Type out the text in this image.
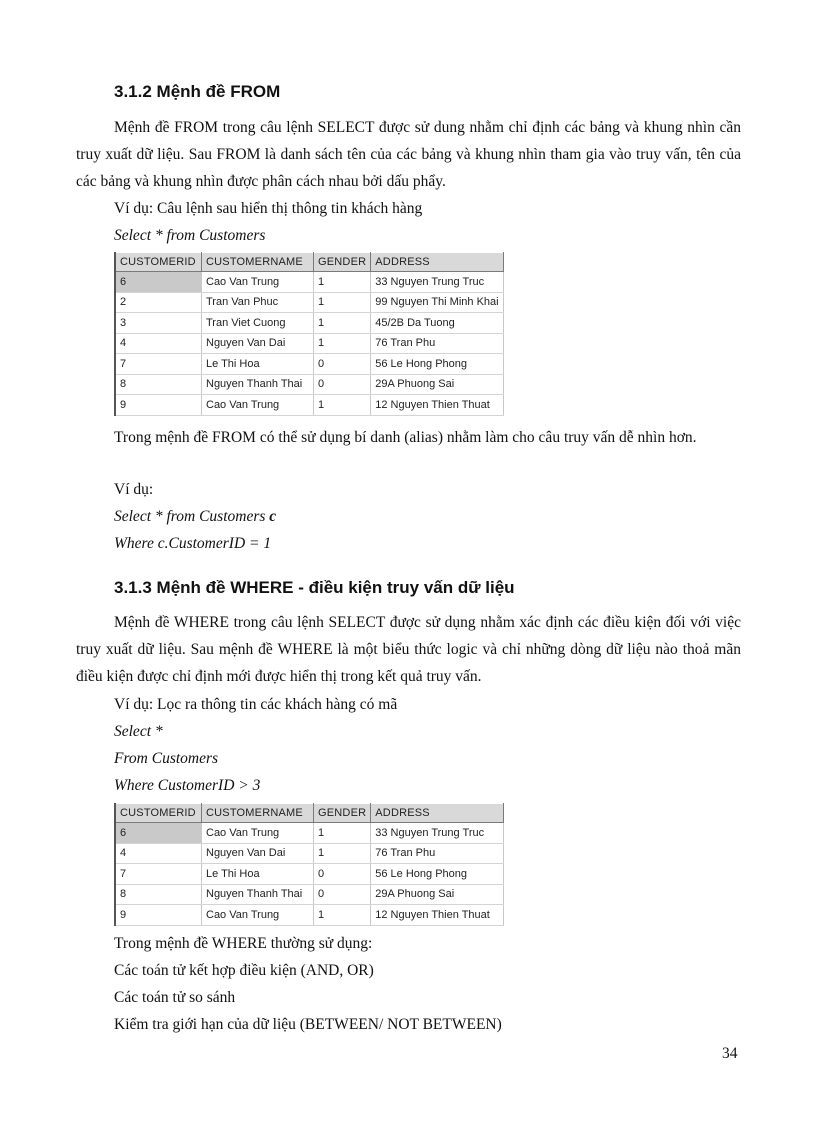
3.1.2 Mệnh đề FROM

Mệnh đề FROM trong câu lệnh SELECT được sử dung nhằm chỉ định các bảng và khung nhìn cần truy xuất dữ liệu. Sau FROM là danh sách tên của các bảng và khung nhìn tham gia vào truy vấn, tên của các bảng và khung nhìn được phân cách nhau bởi dấu phẩy.

Ví dụ: Câu lệnh sau hiển thị thông tin khách hàng

Select * from Customers

CUSTOMERID	CUSTOMERNAME	GENDER	ADDRESS
6	Cao Van Trung	1	33 Nguyen Trung Truc
2	Tran Van Phuc	1	99 Nguyen Thi Minh Khai
3	Tran Viet Cuong	1	45/2B Da Tuong
4	Nguyen Van Dai	1	76 Tran Phu
7	Le Thi Hoa	0	56 Le Hong Phong
8	Nguyen Thanh Thai	0	29A Phuong Sai
9	Cao Van Trung	1	12 Nguyen Thien Thuat

Trong mệnh đề FROM có thể sử dụng bí danh (alias) nhằm làm cho câu truy vấn dễ nhìn hơn.

Ví dụ:

Select * from Customers c

Where c.CustomerID = 1

3.1.3 Mệnh đề WHERE - điều kiện truy vấn dữ liệu

Mệnh đề WHERE trong câu lệnh SELECT được sử dụng nhằm xác định các điều kiện đối với việc truy xuất dữ liệu. Sau mệnh đề WHERE là một biểu thức logic và chỉ những dòng dữ liệu nào thoả mãn điều kiện được chỉ định mới được hiển thị trong kết quả truy vấn.

Ví dụ: Lọc ra thông tin các khách hàng có mã

Select *

From Customers

Where CustomerID > 3

CUSTOMERID	CUSTOMERNAME	GENDER	ADDRESS
6	Cao Van Trung	1	33 Nguyen Trung Truc
4	Nguyen Van Dai	1	76 Tran Phu
7	Le Thi Hoa	0	56 Le Hong Phong
8	Nguyen Thanh Thai	0	29A Phuong Sai
9	Cao Van Trung	1	12 Nguyen Thien Thuat

Trong mệnh đề WHERE thường sử dụng:

Các toán tử kết hợp điều kiện (AND, OR)

Các toán tử so sánh

Kiểm tra giới hạn của dữ liệu (BETWEEN/ NOT BETWEEN)

34
